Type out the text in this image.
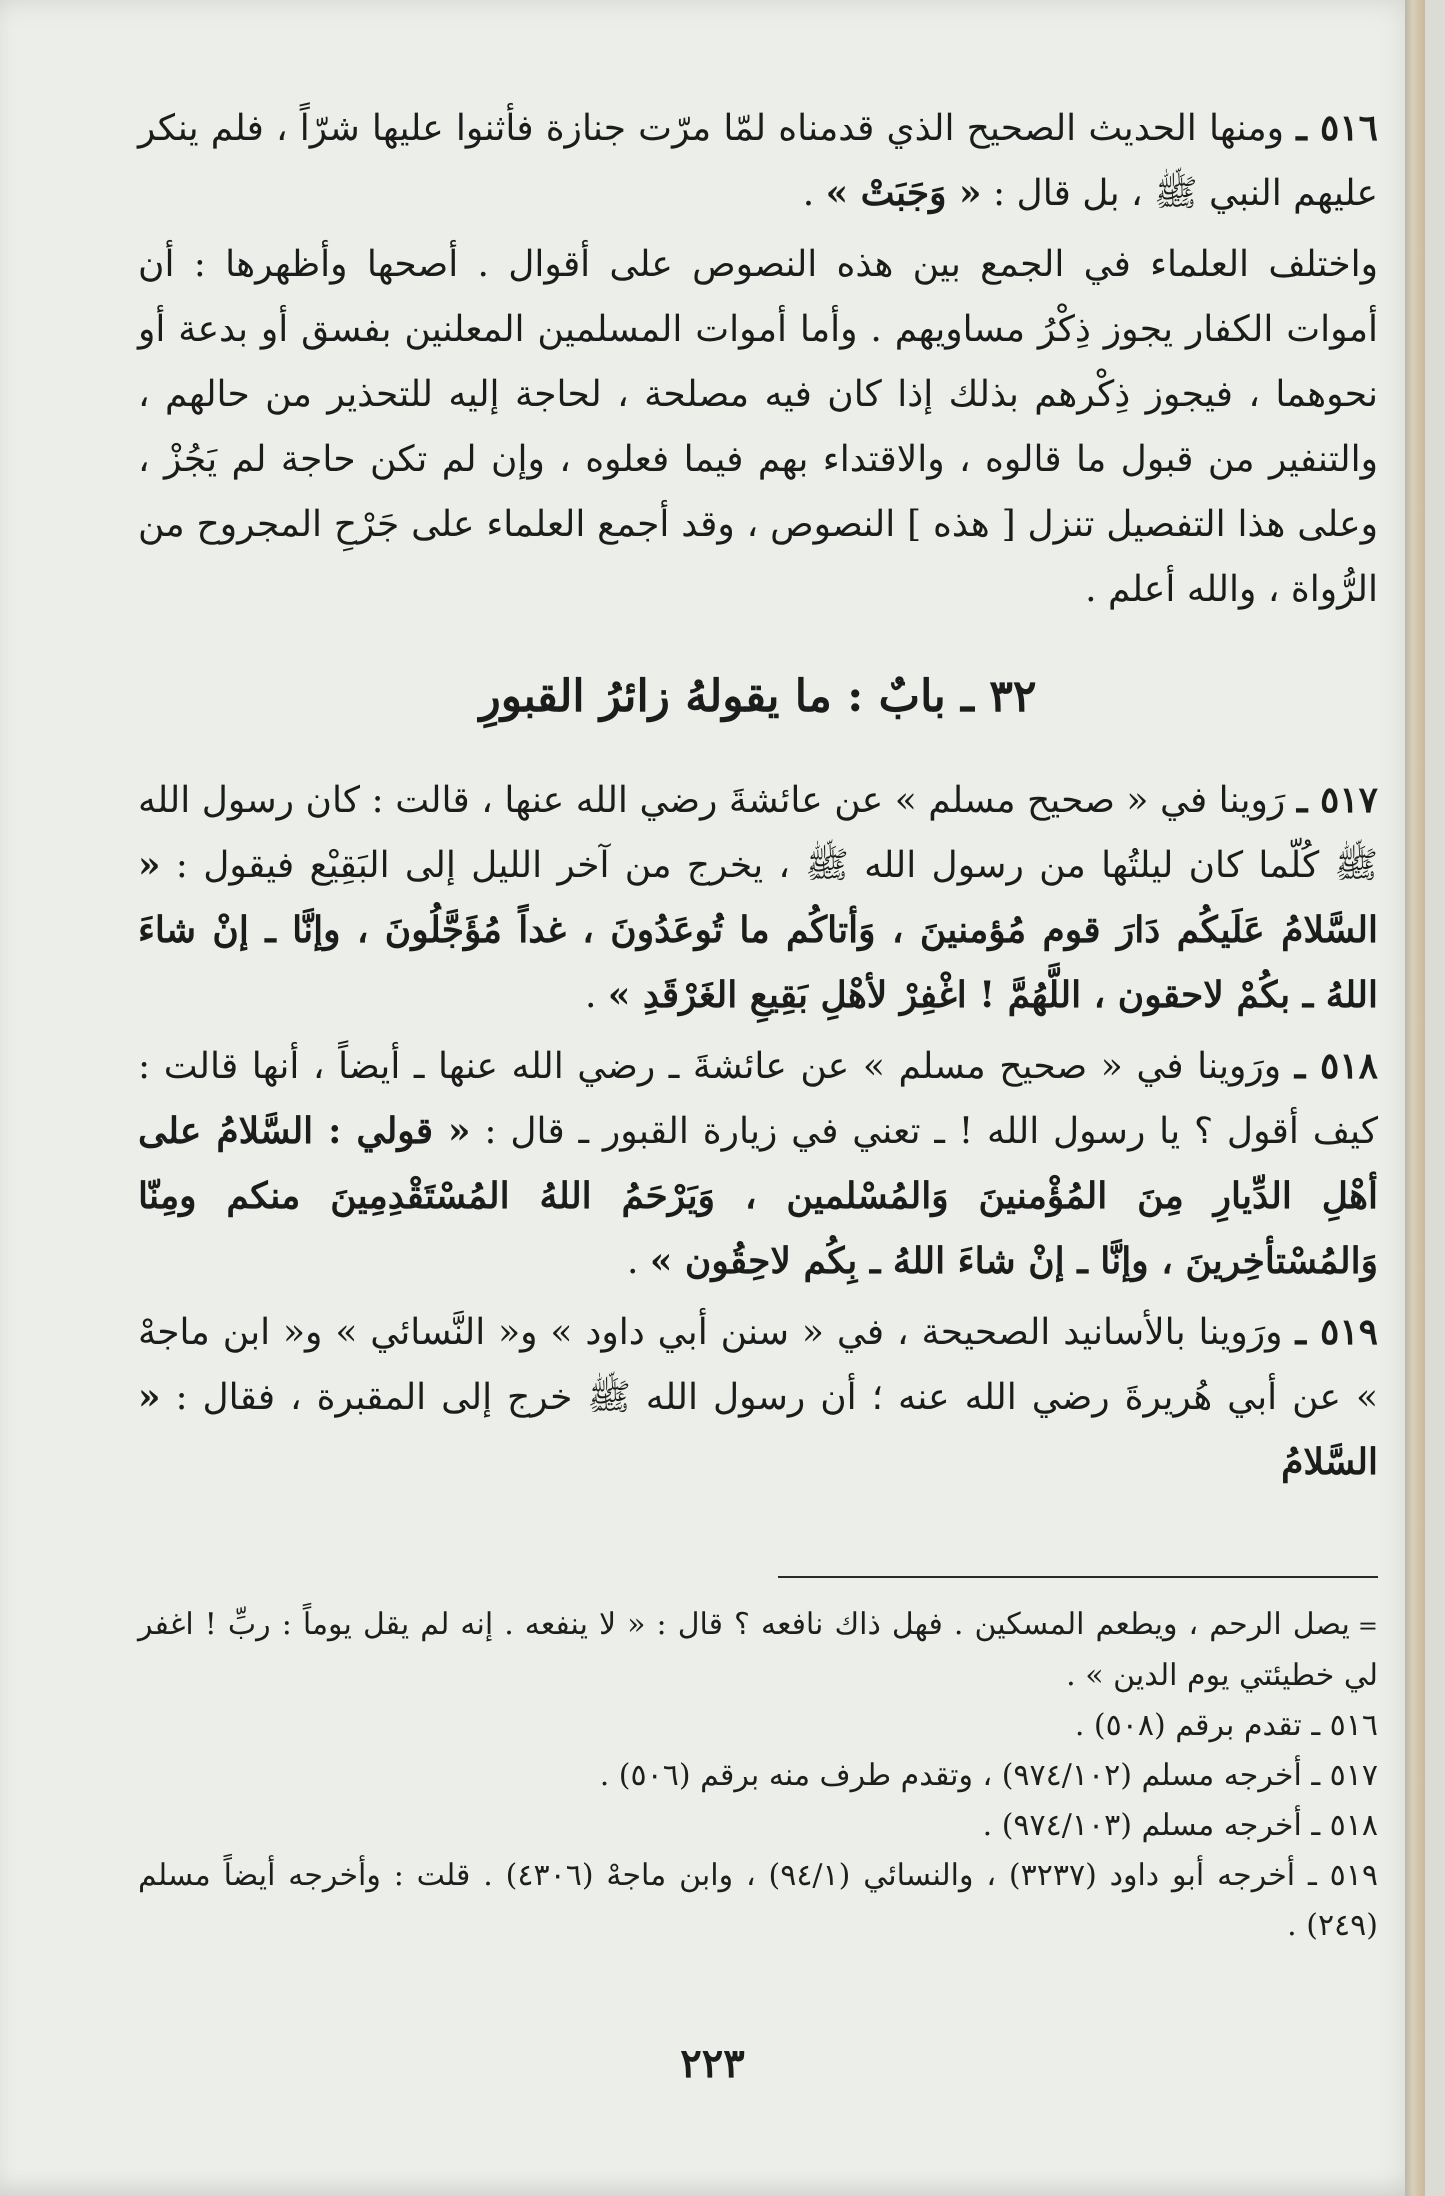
٥١٦ ـ ومنها الحديث الصحيح الذي قدمناه لمّا مرّت جنازة فأثنوا عليها شرّاً ، فلم ينكر عليهم النبي ﷺ ، بل قال : « وَجَبَتْ » .

واختلف العلماء في الجمع بين هذه النصوص على أقوال . أصحها وأظهرها : أن أموات الكفار يجوز ذِكْرُ مساويهم . وأما أموات المسلمين المعلنين بفسق أو بدعة أو نحوهما ، فيجوز ذِكْرهم بذلك إذا كان فيه مصلحة ، لحاجة إليه للتحذير من حالهم ، والتنفير من قبول ما قالوه ، والاقتداء بهم فيما فعلوه ، وإن لم تكن حاجة لم يَجُزْ ، وعلى هذا التفصيل تنزل [ هذه ] النصوص ، وقد أجمع العلماء على جَرْحِ المجروح من الرُّواة ، والله أعلم .

٣٢ ـ بابٌ : ما يقولهُ زائرُ القبورِ

٥١٧ ـ رَوينا في « صحيح مسلم » عن عائشةَ رضي الله عنها ، قالت : كان رسول الله ﷺ كُلّما كان ليلتُها من رسول الله ﷺ ، يخرج من آخر الليل إلى البَقِيْع فيقول : « السَّلامُ عَلَيكُم دَارَ قوم مُؤمنينَ ، وَأتاكُم ما تُوعَدُونَ ، غداً مُؤَجَّلُونَ ، وإنَّا ـ إنْ شاءَ اللهُ ـ بكُمْ لاحقون ، اللَّهُمَّ ! اغْفِرْ لأهْلِ بَقِيعِ الغَرْقَدِ » .

٥١٨ ـ ورَوينا في « صحيح مسلم » عن عائشةَ ـ رضي الله عنها ـ أيضاً ، أنها قالت : كيف أقول ؟ يا رسول الله ! ـ تعني في زيارة القبور ـ قال : « قولي : السَّلامُ على أهْلِ الدِّيارِ مِنَ المُؤْمنينَ وَالمُسْلمين ، وَيَرْحَمُ اللهُ المُسْتَقْدِمِينَ منكم ومِنّا وَالمُسْتأخِرينَ ، وإنَّا ـ إنْ شاءَ اللهُ ـ بِكُم لاحِقُون » .

٥١٩ ـ ورَوينا بالأسانيد الصحيحة ، في « سنن أبي داود » و« النَّسائي » و« ابن ماجهْ » عن أبي هُريرةَ رضي الله عنه ؛ أن رسول الله ﷺ خرج إلى المقبرة ، فقال : « السَّلامُ

=يصل الرحم ، ويطعم المسكين . فهل ذاك نافعه ؟ قال : « لا ينفعه . إنه لم يقل يوماً : ربِّ ! اغفر لي خطيئتي يوم الدين » .

٥١٦ ـ تقدم برقم (٥٠٨) .

٥١٧ ـ أخرجه مسلم (٩٧٤/١٠٢) ، وتقدم طرف منه برقم (٥٠٦) .

٥١٨ ـ أخرجه مسلم (٩٧٤/١٠٣) .

٥١٩ ـ أخرجه أبو داود (٣٢٣٧) ، والنسائي (٩٤/١) ، وابن ماجهْ (٤٣٠٦) . قلت : وأخرجه أيضاً مسلم (٢٤٩) .

٢٢٣
